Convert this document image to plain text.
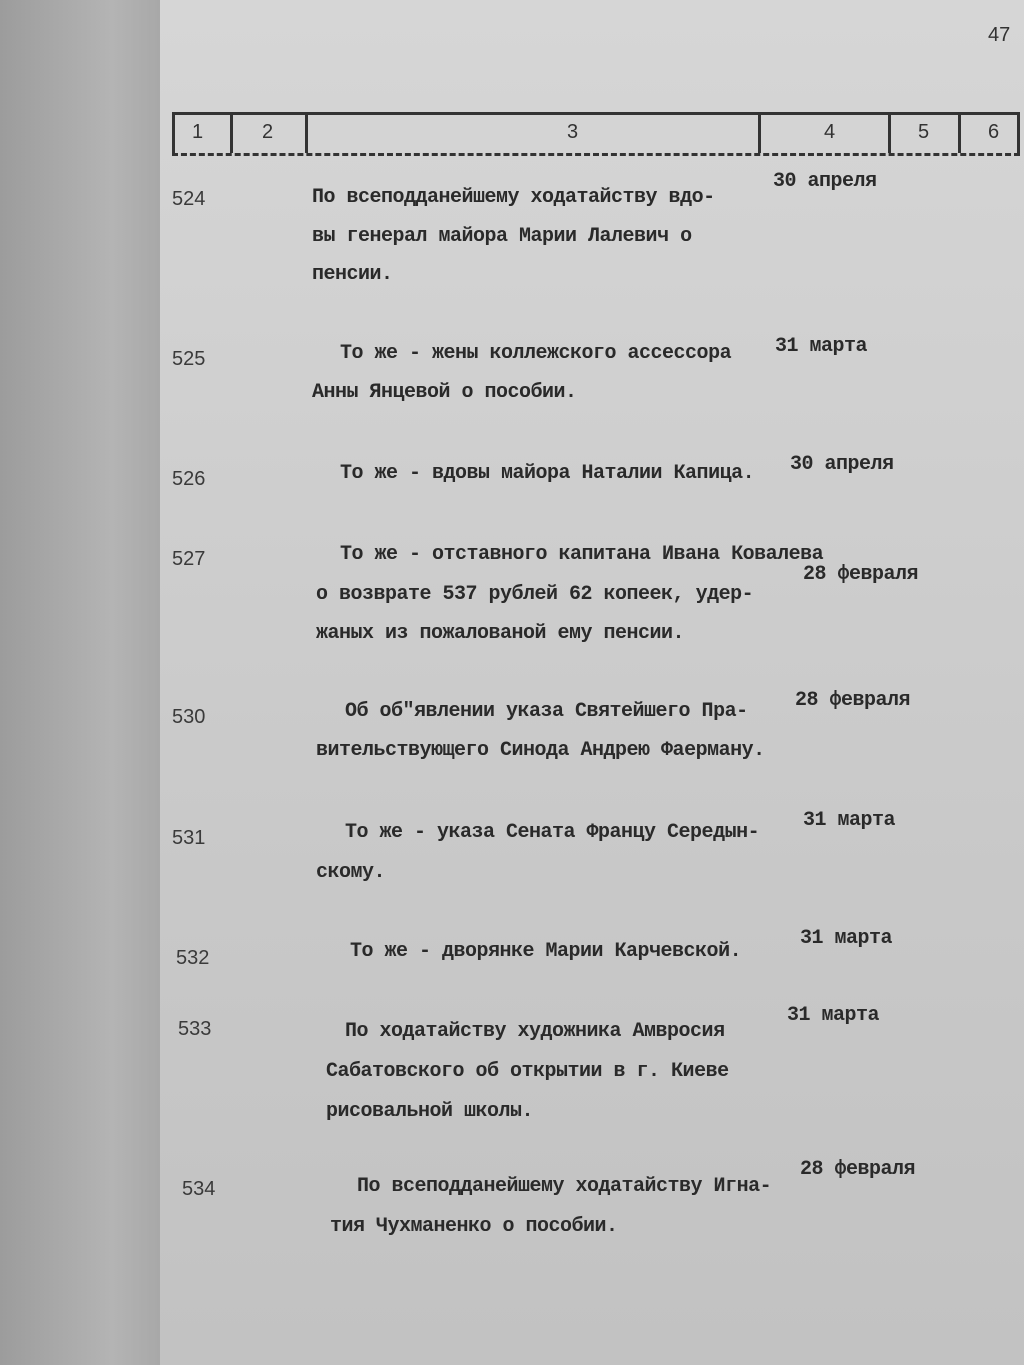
47
1	2	3	4	5	6
524	По всеподданейшему ходатайству вдо-
вы генерал майора Марии Лалевич о
пенсии.
30 апреля
525	То же - жены коллежского ассессора
Анны Янцевой о пособии.
31 марта
526	То же - вдовы майора Наталии Капица. 30 апреля
527	То же - отставного капитана Ивана Ковалева
о возврате 537 рублей 62 копеек, удер-
жаных из пожалованой ему пенсии.
28 февраля
530	Об об"явлении указа Святейшего Пра-
вительствующего Синода Андрею Фаерману.
28 февраля
531	То же - указа Сената Францу Середын-
скому.
31 марта
532	То же - дворянке Марии Карчевской.
31 марта
533	По ходатайству художника Амвросия
Сабатовского об открытии в г. Киеве
рисовальной школы.
31 марта
534	По всеподданейшему ходатайству Игна-
тия Чухманенко о пособии.
28 февраля
